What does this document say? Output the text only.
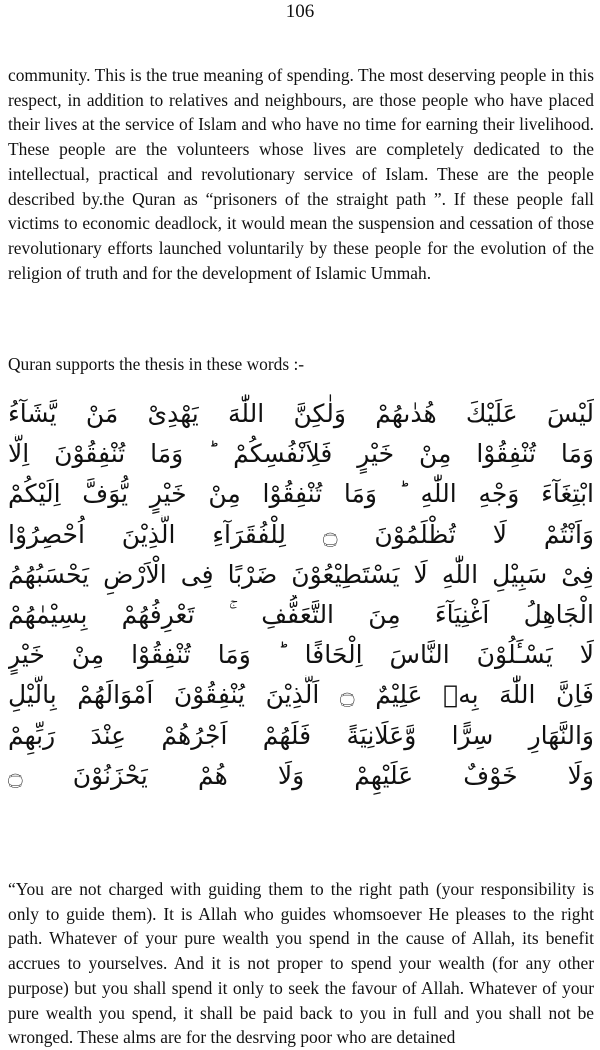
106

community. This is the true meaning of spending. The most deserving people in this respect, in addition to relatives and neighbours, are those people who have placed their lives at the service of Islam and who have no time for earning their livelihood. These people are the volunteers whose lives are completely dedicated to the intellectual, practical and revolutionary service of Islam. These are the people described by.the Quran as “prisoners of the straight path ”. If these people fall victims to economic deadlock, it would mean the suspension and cessation of those revolutionary efforts launched voluntarily by these people for the evolution of the religion of truth and for the development of Islamic Ummah.

Quran supports the thesis in these words :-

لَيْسَ عَلَيْكَ هُدٰىهُمْ وَلٰكِنَّ اللّٰهَ يَهْدِىْ مَنْ يَّشَآءُ
وَمَا تُنْفِقُوْا مِنْ خَيْرٍ فَلِاَنْفُسِكُمْ ؕ وَمَا تُنْفِقُوْنَ اِلَّا
ابْتِغَآءَ وَجْهِ اللّٰهِ ؕ وَمَا تُنْفِقُوْا مِنْ خَيْرٍ يُّوَفَّ اِلَيْكُمْ
وَاَنْتُمْ لَا تُظْلَمُوْنَ ۝ لِلْفُقَرَآءِ الَّذِيْنَ اُحْصِرُوْا
فِىْ سَبِيْلِ اللّٰهِ لَا يَسْتَطِيْعُوْنَ ضَرْبًا فِى الْاَرْضِ يَحْسَبُهُمُ
الْجَاهِلُ اَغْنِيَآءَ مِنَ التَّعَفُّفِ ۚ تَعْرِفُهُمْ بِسِيْمٰهُمْ
لَا يَسْـَٔلُوْنَ النَّاسَ اِلْحَافًا ؕ وَمَا تُنْفِقُوْا مِنْ خَيْرٍ
فَاِنَّ اللّٰهَ بِهٖ عَلِيْمٌ ۝ اَلَّذِيْنَ يُنْفِقُوْنَ اَمْوَالَهُمْ بِالَّيْلِ
وَالنَّهَارِ سِرًّا وَّعَلَانِيَةً فَلَهُمْ اَجْرُهُمْ عِنْدَ رَبِّهِمْ
وَلَا خَوْفٌ عَلَيْهِمْ وَلَا هُمْ يَحْزَنُوْنَ ۝

“You are not charged with guiding them to the right path (your responsibility is only to guide them). It is Allah who guides whomsoever He pleases to the right path. Whatever of your pure wealth you spend in the cause of Allah, its benefit accrues to yourselves. And it is not proper to spend your wealth (for any other purpose) but you shall spend it only to seek the favour of Allah. Whatever of your pure wealth you spend, it shall be paid back to you in full and you shall not be wronged. These alms are for the desrving poor who are detained
